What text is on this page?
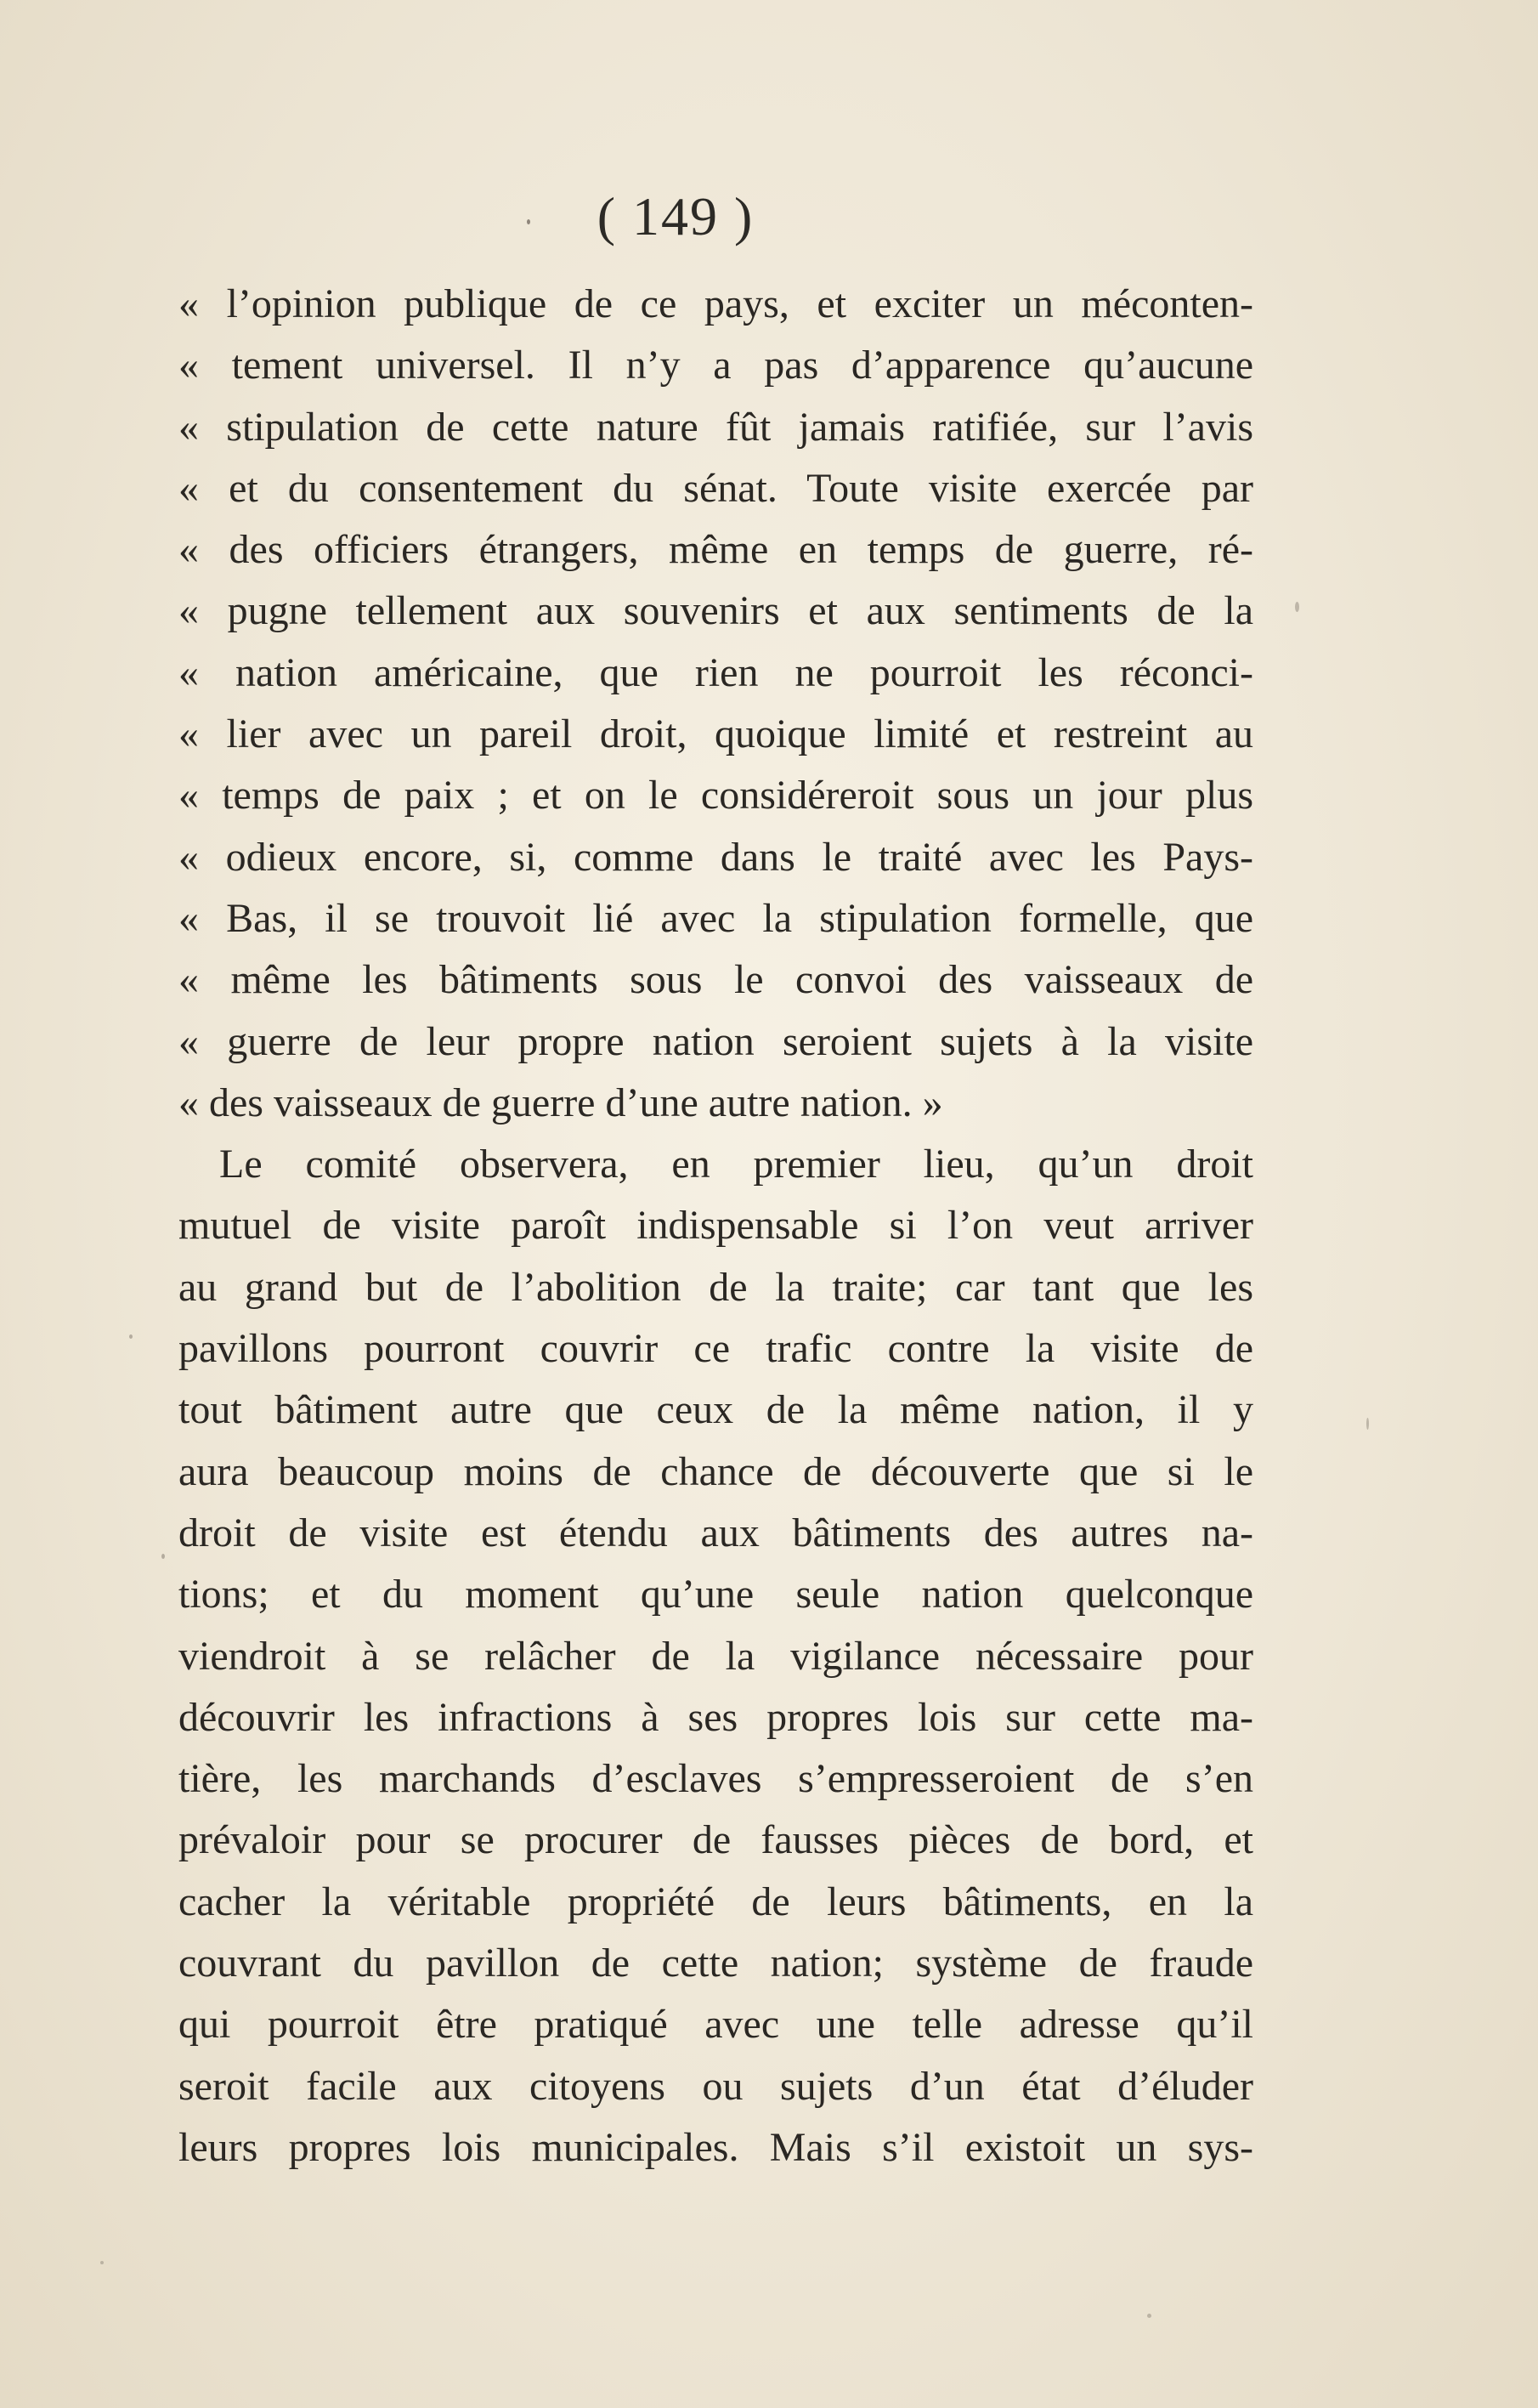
( 149 )
« l’opinion publique de ce pays, et exciter un méconten-
« tement universel. Il n’y a pas d’apparence qu’aucune
« stipulation de cette nature fût jamais ratifiée, sur l’avis
« et du consentement du sénat. Toute visite exercée par
« des officiers étrangers, même en temps de guerre, ré-
« pugne tellement aux souvenirs et aux sentiments de la
« nation américaine, que rien ne pourroit les réconci-
« lier avec un pareil droit, quoique limité et restreint au
« temps de paix ; et on le considéreroit sous un jour plus
« odieux encore, si, comme dans le traité avec les Pays-
« Bas, il se trouvoit lié avec la stipulation formelle, que
« même les bâtiments sous le convoi des vaisseaux de
« guerre de leur propre nation seroient sujets à la visite
« des vaisseaux de guerre d’une autre nation. »
Le comité observera, en premier lieu, qu’un droit
mutuel de visite paroît indispensable si l’on veut arriver
au grand but de l’abolition de la traite; car tant que les
pavillons pourront couvrir ce trafic contre la visite de
tout bâtiment autre que ceux de la même nation, il y
aura beaucoup moins de chance de découverte que si le
droit de visite est étendu aux bâtiments des autres na-
tions; et du moment qu’une seule nation quelconque
viendroit à se relâcher de la vigilance nécessaire pour
découvrir les infractions à ses propres lois sur cette ma-
tière, les marchands d’esclaves s’empresseroient de s’en
prévaloir pour se procurer de fausses pièces de bord, et
cacher la véritable propriété de leurs bâtiments, en la
couvrant du pavillon de cette nation; système de fraude
qui pourroit être pratiqué avec une telle adresse qu’il
seroit facile aux citoyens ou sujets d’un état d’éluder
leurs propres lois municipales. Mais s’il existoit un sys-
